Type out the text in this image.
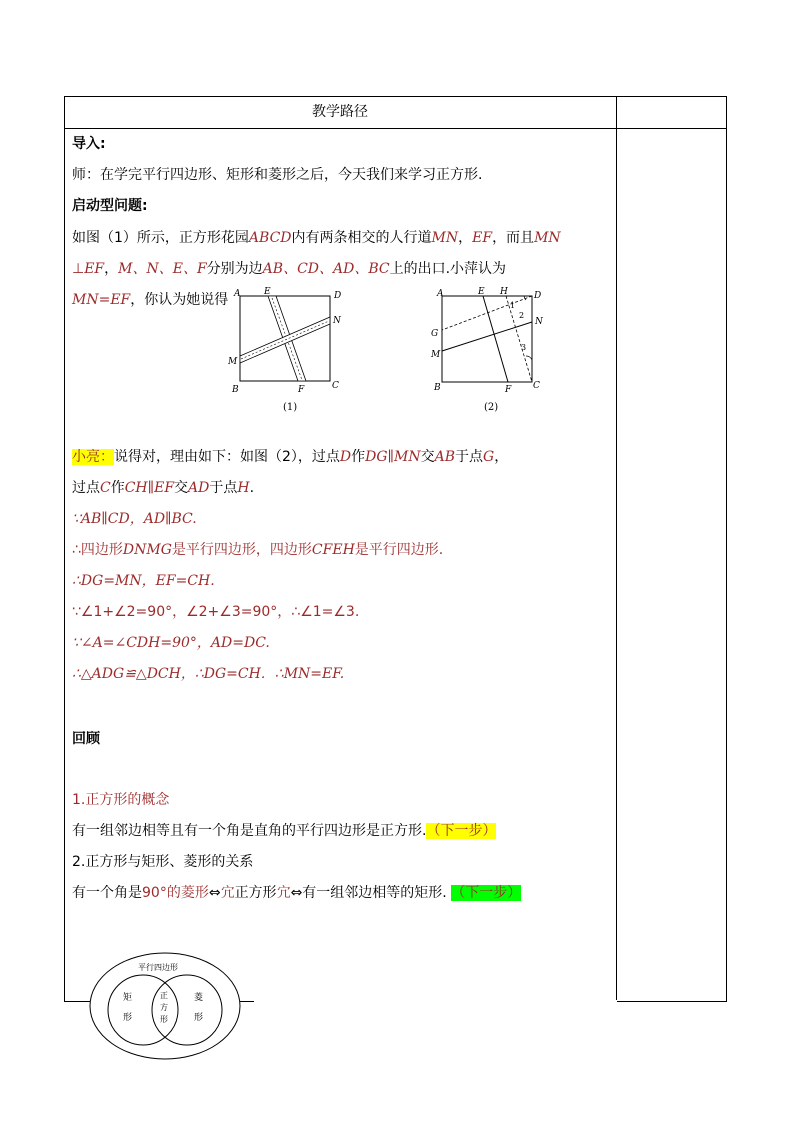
教学路径
导入:
师：在学完平行四边形、矩形和菱形之后，今天我们来学习正方形.
启动型问题:
如图（1）所示，正方形花园ABCD内有两条相交的人行道MN，EF，而且MN
⊥EF，M、N、E、F分别为边AB、CD、AD、BC上的出口.小萍认为
MN=EF，你认为她说得 A	E	D
N
M
B	F	C
(1)
A	E H	D
1
2
N
G
M
3
B	F C
(2)
小亮：说得对，理由如下：如图（2），过点D作DG∥MN交AB于点G，
过点C作CH∥EF交AD于点H.
∵AB∥CD，AD∥BC.
∴四边形DNMG是平行四边形，四边形CFEH是平行四边形.
∴DG=MN，EF=CH.
∵∠1+∠2=90°，∠2+∠3=90°，∴∠1=∠3.
∵∠A=∠CDH=90°，AD=DC.
∴△ADG≌△DCH，∴DG=CH．∴MN=EF.
回顾
1.正方形的概念
有一组邻边相等且有一个角是直角的平行四边形是正方形.（下一步）
2.正方形与矩形、菱形的关系
有一个角是90°的菱形⇔宂正方形宂⇔有一组邻边相等的矩形. （下一步）
平行四边形
矩
形
正
方
形
菱
形
